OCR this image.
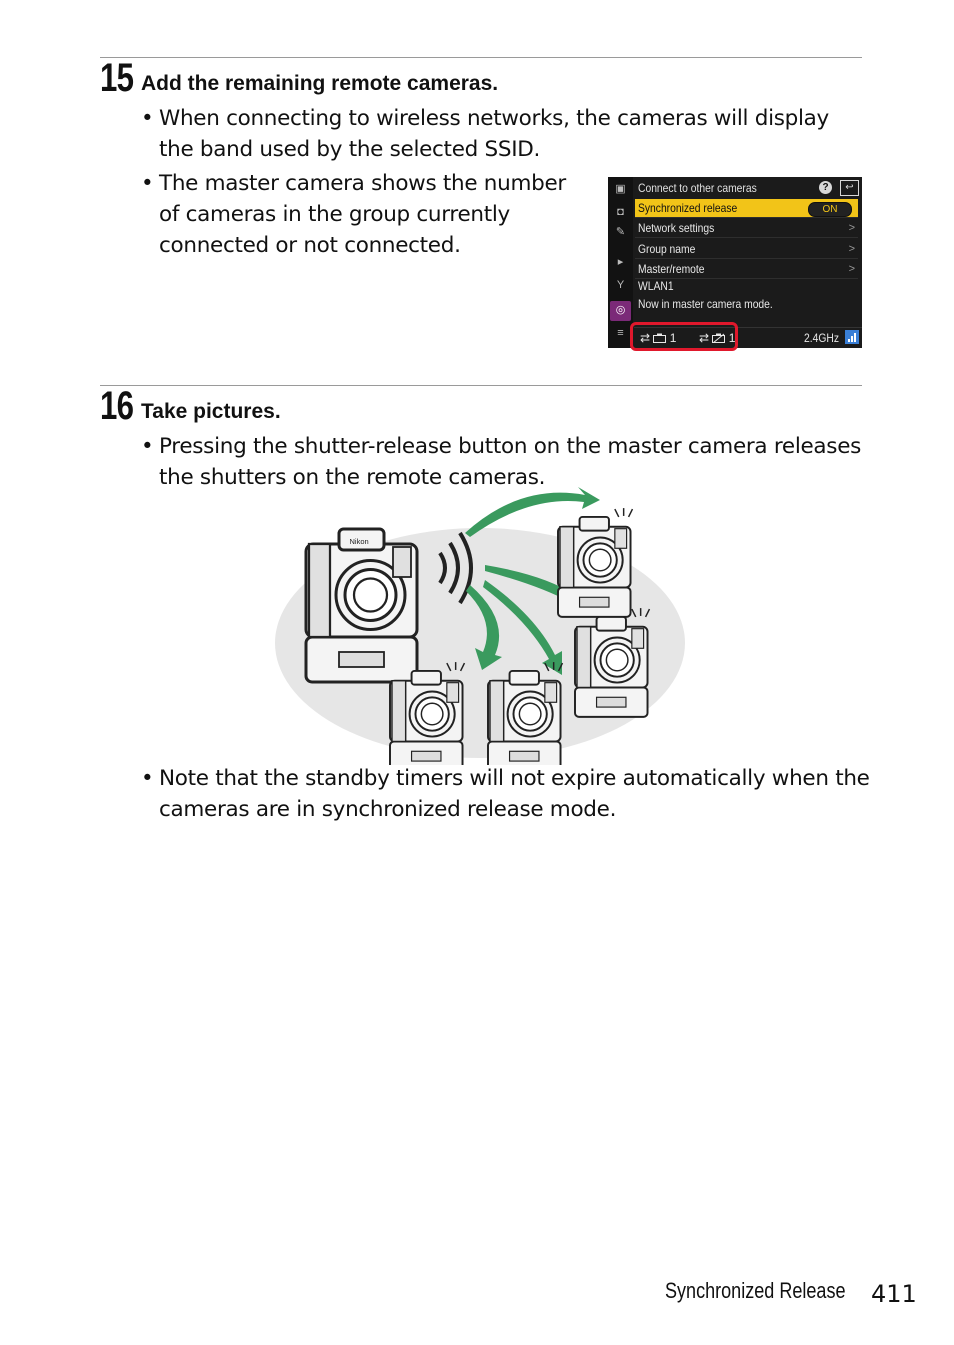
15 Add the remaining remote cameras.
• When connecting to wireless networks, the cameras will display the band used by the selected SSID.
• The master camera shows the number of cameras in the group currently connected or not connected.
▣
◘
✎
▸
Y
◎
≡
Connect to other cameras	?	↩
Synchronized release	ON
Network settings	>
Group name	>
Master/remote	>
WLAN1
Now in master camera mode.
⇄ 1 ⇄ 1	2.4GHz
16 Take pictures.
• Pressing the shutter-release button on the master camera releases the shutters on the remote cameras.
Nikon
• Note that the standby timers will not expire automatically when the cameras are in synchronized release mode.
Synchronized Release 411
